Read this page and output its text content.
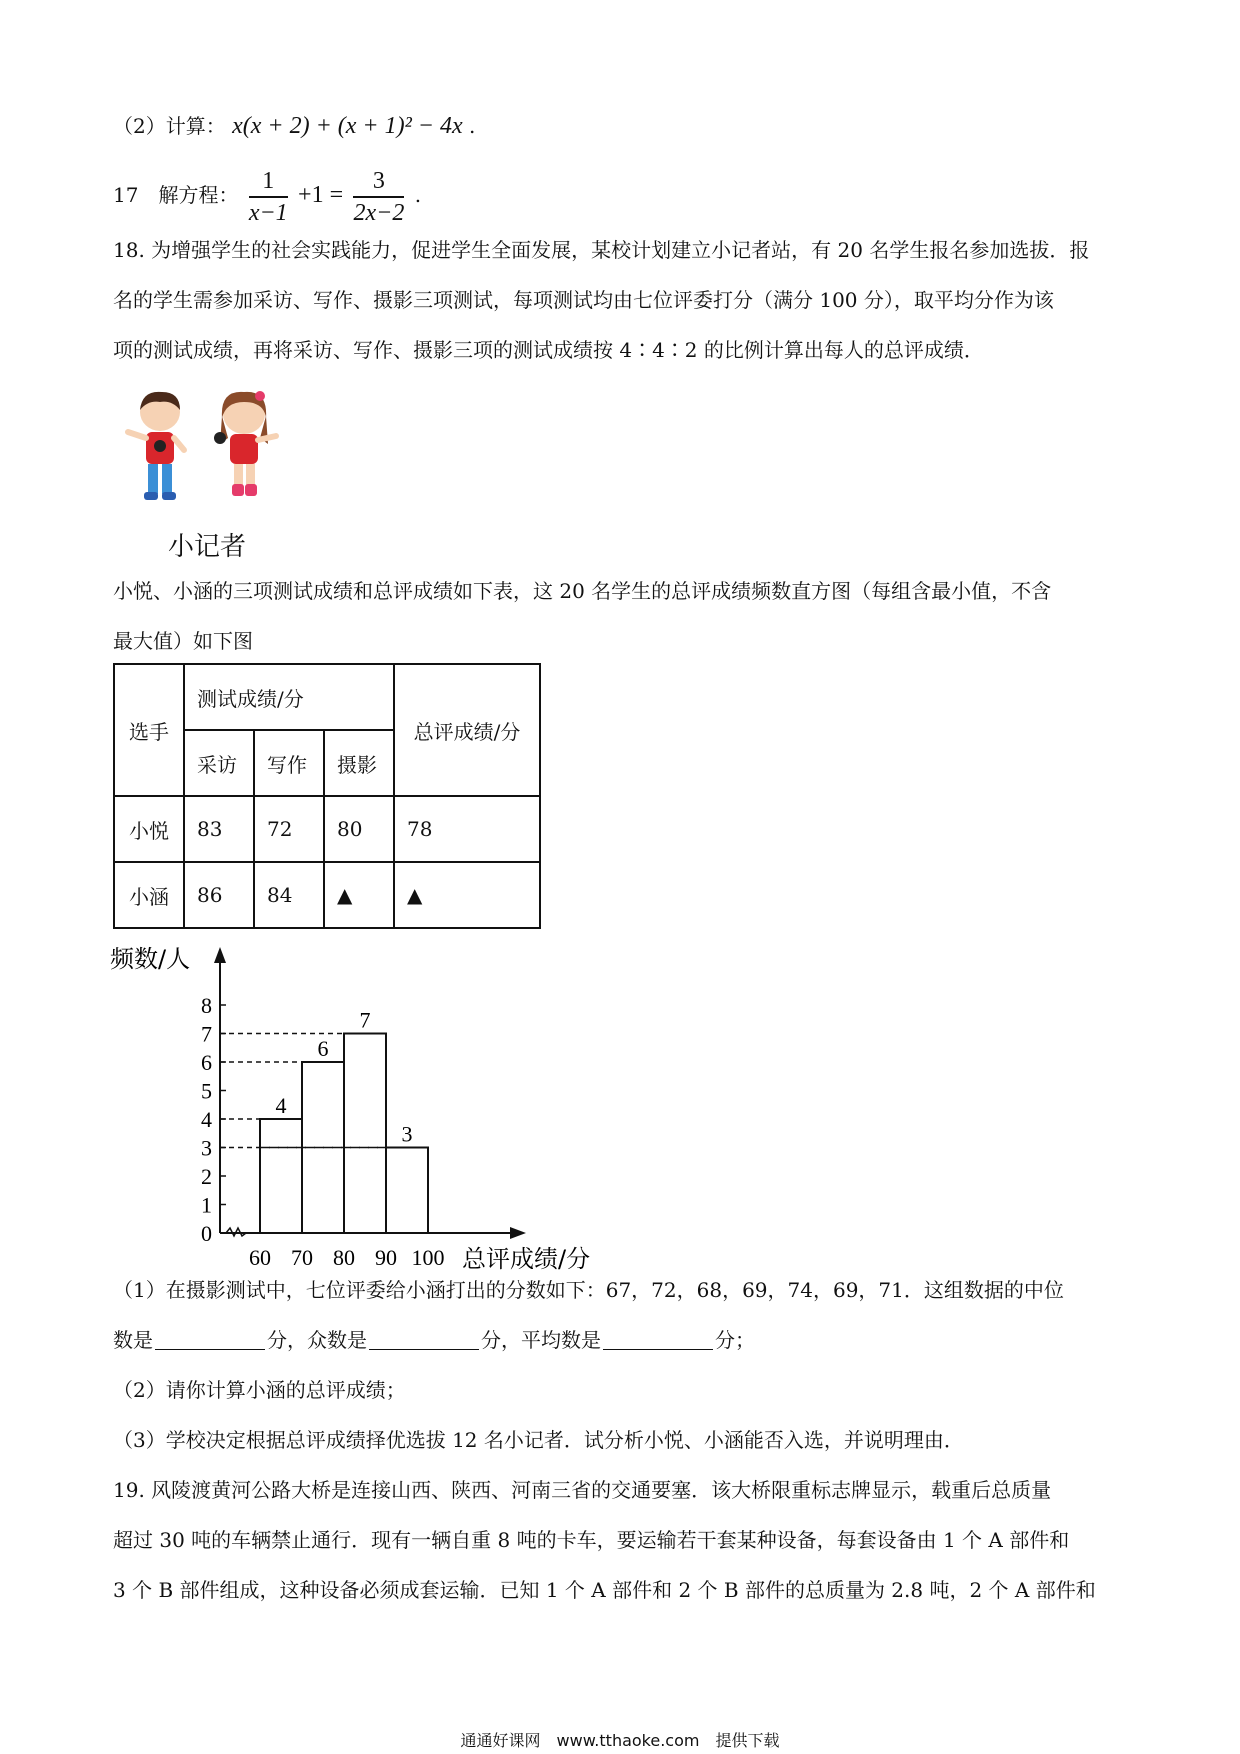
（2）计算： x(x + 2) + (x + 1)² − 4x .
17　解方程： $\frac{1}{x-1} +1 = \frac{3}{2x-2}$ .
18. 为增强学生的社会实践能力，促进学生全面发展，某校计划建立小记者站，有 20 名学生报名参加选拔．报
名的学生需参加采访、写作、摄影三项测试，每项测试均由七位评委打分（满分 100 分），取平均分作为该
项的测试成绩，再将采访、写作、摄影三项的测试成绩按 4∶4∶2 的比例计算出每人的总评成绩．
小记者
小悦、小涵的三项测试成绩和总评成绩如下表，这 20 名学生的总评成绩频数直方图（每组含最小值，不含
最大值）如下图
选手	测试成绩/分			总评成绩/分
	采访	写作	摄影	
小悦	83	72	80	78
小涵	86	84	▲	▲
0
1
2
3
4
5
6
7
8
60 70 80 90 100
4
6
7
3
频数/人
总评成绩/分
（1）在摄影测试中，七位评委给小涵打出的分数如下：67，72，68，69，74，69，71．这组数据的中位
数是	分，众数是	分，平均数是	分；
（2）请你计算小涵的总评成绩；
（3）学校决定根据总评成绩择优选拔 12 名小记者．试分析小悦、小涵能否入选，并说明理由．
19. 风陵渡黄河公路大桥是连接山西、陕西、河南三省的交通要塞．该大桥限重标志牌显示，载重后总质量
超过 30 吨的车辆禁止通行．现有一辆自重 8 吨的卡车，要运输若干套某种设备，每套设备由 1 个 A 部件和
3 个 B 部件组成，这种设备必须成套运输．已知 1 个 A 部件和 2 个 B 部件的总质量为 2.8 吨，2 个 A 部件和
通通好课网　www.tthaoke.com　提供下载
